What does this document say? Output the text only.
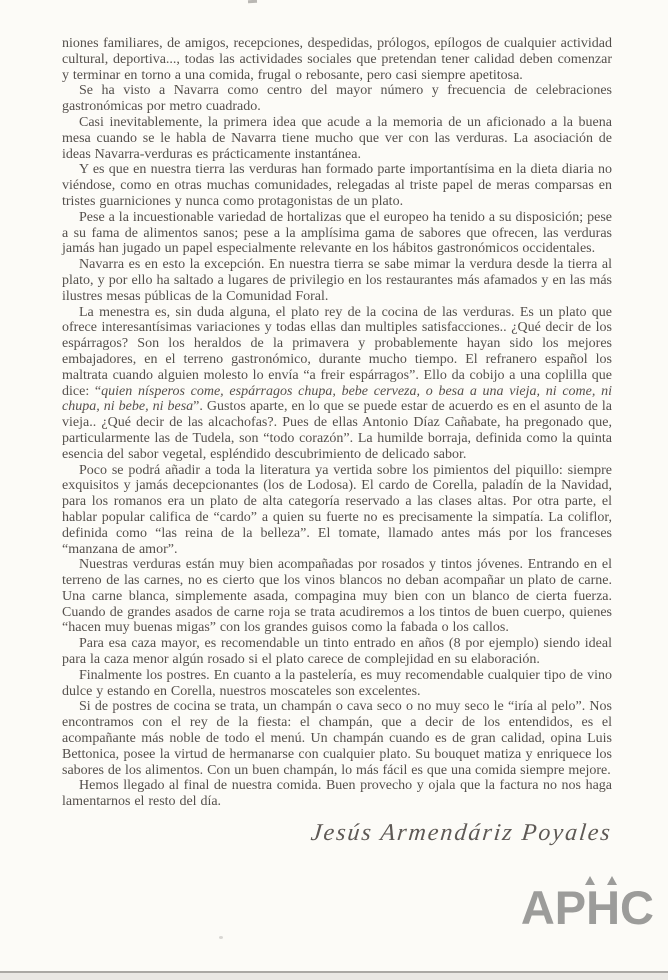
niones familiares, de amigos, recepciones, despedidas, prólogos, epílogos de cualquier actividad cultural, deportiva..., todas las actividades sociales que pretendan tener calidad deben comenzar y terminar en torno a una comida, frugal o rebosante, pero casi siempre apetitosa.

Se ha visto a Navarra como centro del mayor número y frecuencia de celebraciones gastronómicas por metro cuadrado.

Casi inevitablemente, la primera idea que acude a la memoria de un aficionado a la buena mesa cuando se le habla de Navarra tiene mucho que ver con las verduras. La asociación de ideas Navarra-verduras es prácticamente instantánea.

Y es que en nuestra tierra las verduras han formado parte importantísima en la dieta diaria no viéndose, como en otras muchas comunidades, relegadas al triste papel de meras comparsas en tristes guarniciones y nunca como protagonistas de un plato.

Pese a la incuestionable variedad de hortalizas que el europeo ha tenido a su disposición; pese a su fama de alimentos sanos; pese a la amplísima gama de sabores que ofrecen, las verduras jamás han jugado un papel especialmente relevante en los hábitos gastronómicos occidentales.

Navarra es en esto la excepción. En nuestra tierra se sabe mimar la verdura desde la tierra al plato, y por ello ha saltado a lugares de privilegio en los restaurantes más afamados y en las más ilustres mesas públicas de la Comunidad Foral.

La menestra es, sin duda alguna, el plato rey de la cocina de las verduras. Es un plato que ofrece interesantísimas variaciones y todas ellas dan multiples satisfacciones.. ¿Qué decir de los espárragos? Son los heraldos de la primavera y probablemente hayan sido los mejores embajadores, en el terreno gastronómico, durante mucho tiempo. El refranero español los maltrata cuando alguien molesto lo envía “a freir espárragos”. Ello da cobijo a una coplilla que dice: “quien nísperos come, espárragos chupa, bebe cerveza, o besa a una vieja, ni come, ni chupa, ni bebe, ni besa”. Gustos aparte, en lo que se puede estar de acuerdo es en el asunto de la vieja.. ¿Qué decir de las alcachofas?. Pues de ellas Antonio Díaz Cañabate, ha pregonado que, particularmente las de Tudela, son “todo corazón”. La humilde borraja, definida como la quinta esencia del sabor vegetal, espléndido descubrimiento de delicado sabor.

Poco se podrá añadir a toda la literatura ya vertida sobre los pimientos del piquillo: siempre exquisitos y jamás decepcionantes (los de Lodosa). El cardo de Corella, paladín de la Navidad, para los romanos era un plato de alta categoría reservado a las clases altas. Por otra parte, el hablar popular califica de “cardo” a quien su fuerte no es precisamente la simpatía. La coliflor, definida como “las reina de la belleza”. El tomate, llamado antes más por los franceses “manzana de amor”.

Nuestras verduras están muy bien acompañadas por rosados y tintos jóvenes. Entrando en el terreno de las carnes, no es cierto que los vinos blancos no deban acompañar un plato de carne. Una carne blanca, simplemente asada, compagina muy bien con un blanco de cierta fuerza. Cuando de grandes asados de carne roja se trata acudiremos a los tintos de buen cuerpo, quienes “hacen muy buenas migas” con los grandes guisos como la fabada o los callos.

Para esa caza mayor, es recomendable un tinto entrado en años (8 por ejemplo) siendo ideal para la caza menor algún rosado si el plato carece de complejidad en su elaboración.

Finalmente los postres. En cuanto a la pastelería, es muy recomendable cualquier tipo de vino dulce y estando en Corella, nuestros moscateles son excelentes.

Si de postres de cocina se trata, un champán o cava seco o no muy seco le “iría al pelo”. Nos encontramos con el rey de la fiesta: el champán, que a decir de los entendidos, es el acompañante más noble de todo el menú. Un champán cuando es de gran calidad, opina Luis Bettonica, posee la virtud de hermanarse con cualquier plato. Su bouquet matiza y enriquece los sabores de los alimentos. Con un buen champán, lo más fácil es que una comida siempre mejore.

Hemos llegado al final de nuestra comida. Buen provecho y ojala que la factura no nos haga lamentarnos el resto del día.

Jesús Armendáriz Poyales
APHC
